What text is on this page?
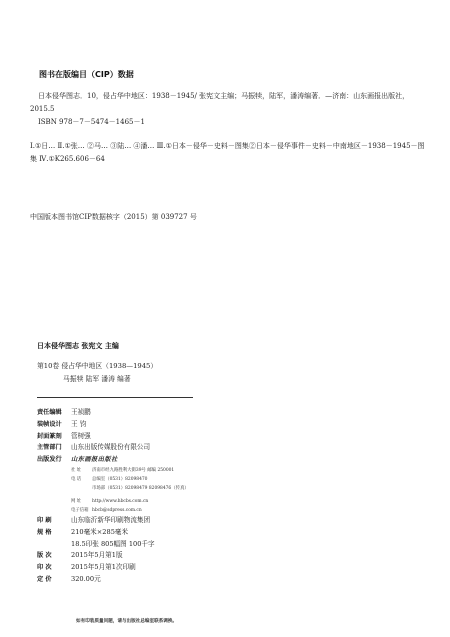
图书在版编目（CIP）数据

日本侵华图志．10，侵占华中地区：1938－1945/ 张宪文主编；马振犊，陆军，潘涛编著．—济南：山东画报出版社，2015.5

ISBN 978－7－5474－1465－1

Ⅰ.①日… Ⅱ.①张… ②马… ③陆… ④潘… Ⅲ.①日本－侵华－史料－图集②日本－侵华事件－史料－中南地区－1938－1945－图集 Ⅳ.①K265.606－64

中国版本图书馆CIP数据核字（2015）第 039727 号
日本侵华图志 张宪文 主编
第10卷 侵占华中地区（1938—1945）
马振犊 陆军 潘涛 编著
责任编辑	王祯鹏
装帧设计	王 钧
封面篆刻	管树强
主管部门	山东出版传媒股份有限公司
出版发行	山东画报出版社
社 址 济南市经九路胜利大街39号 邮编 250001
电 话 总编室（0531）82098470
市场部（0531）82098479 82098476（传真）
网 址 http://www.hbcbs.com.cn
电子信箱 hbcb@sdpress.com.cn
印 刷	山东临沂新华印刷物流集团
规 格	210毫米×285毫米
18.5印张 805幅图 100千字
版 次	2015年5月第1版
印 次	2015年5月第1次印刷
定 价	320.00元
如有印装质量问题，请与出版社总编室联系调换。
